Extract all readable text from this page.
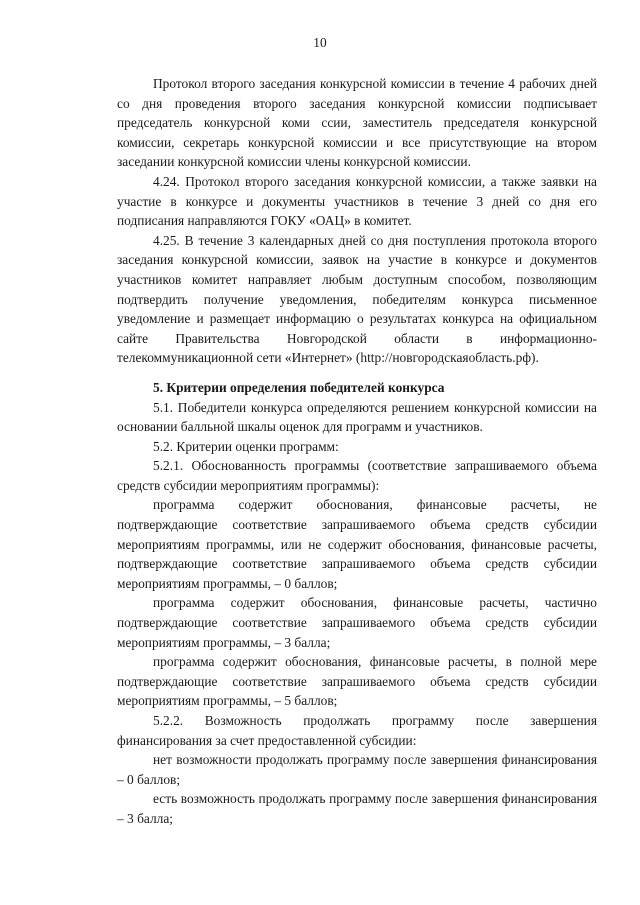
10

Протокол второго заседания конкурсной комиссии в течение 4 рабочих дней со дня проведения второго заседания конкурсной комиссии подписывает председатель конкурсной коми ссии, заместитель председателя конкурсной комиссии, секретарь конкурсной комиссии и все присутствующие на втором заседании конкурсной комиссии члены конкурсной комиссии.

4.24. Протокол второго заседания конкурсной комиссии, а также заявки на участие в конкурсе и документы участников в течение 3 дней со дня его подписания направляются ГОКУ «ОАЦ» в комитет.

4.25. В течение 3 календарных дней со дня поступления протокола второго заседания конкурсной комиссии, заявок на участие в конкурсе и документов участников комитет направляет любым доступным способом, позволяющим подтвердить получение уведомления, победителям конкурса письменное уведомление и размещает информацию о результатах конкурса на официальном сайте Правительства Новгородской области в информационно-телекоммуникационной сети «Интернет» (http://новгородскаяобласть.рф).

5. Критерии определения победителей конкурса

5.1. Победители конкурса определяются решением конкурсной комиссии на основании балльной шкалы оценок для программ и участников.

5.2. Критерии оценки программ:

5.2.1. Обоснованность программы (соответствие запрашиваемого объема средств субсидии мероприятиям программы):

программа содержит обоснования, финансовые расчеты, не подтверждающие соответствие запрашиваемого объема средств субсидии мероприятиям программы, или не содержит обоснования, финансовые расчеты, подтверждающие соответствие запрашиваемого объема средств субсидии мероприятиям программы, – 0 баллов;

программа содержит обоснования, финансовые расчеты, частично подтверждающие соответствие запрашиваемого объема средств субсидии мероприятиям программы, – 3 балла;

программа содержит обоснования, финансовые расчеты, в полной мере подтверждающие соответствие запрашиваемого объема средств субсидии мероприятиям программы, – 5 баллов;

5.2.2. Возможность продолжать программу после завершения финансирования за счет предоставленной субсидии:

нет возможности продолжать программу после завершения финансирования – 0 баллов;

есть возможность продолжать программу после завершения финансирования – 3 балла;
